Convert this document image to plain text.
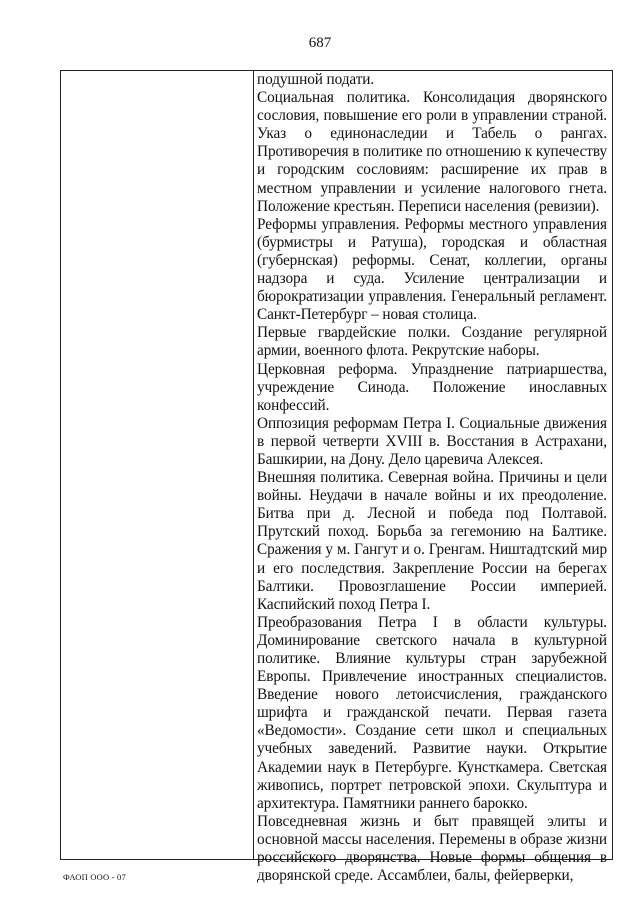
687

подушной подати.

Социальная политика. Консолидация дворянского сословия, повышение его роли в управлении страной. Указ о единонаследии и Табель о рангах. Противоречия в политике по отношению к купечеству и городским сословиям: расширение их прав в местном управлении и усиление налогового гнета. Положение крестьян. Переписи населения (ревизии).

Реформы управления. Реформы местного управления (бурмистры и Ратуша), городская и областная (губернская) реформы. Сенат, коллегии, органы надзора и суда. Усиление централизации и бюрократизации управления. Генеральный регламент. Санкт-Петербург – новая столица.

Первые гвардейские полки. Создание регулярной армии, военного флота. Рекрутские наборы.

Церковная реформа. Упразднение патриаршества, учреждение Синода. Положение инославных конфессий.

Оппозиция реформам Петра I. Социальные движения в первой четверти XVIII в. Восстания в Астрахани, Башкирии, на Дону. Дело царевича Алексея.

Внешняя политика. Северная война. Причины и цели войны. Неудачи в начале войны и их преодоление. Битва при д. Лесной и победа под Полтавой. Прутский поход. Борьба за гегемонию на Балтике. Сражения у м. Гангут и о. Гренгам. Ништадтский мир и его последствия. Закрепление России на берегах Балтики. Провозглашение России империей. Каспийский поход Петра I.

Преобразования Петра I в области культуры. Доминирование светского начала в культурной политике. Влияние культуры стран зарубежной Европы. Привлечение иностранных специалистов. Введение нового летоисчисления, гражданского шрифта и гражданской печати. Первая газета «Ведомости». Создание сети школ и специальных учебных заведений. Развитие науки. Открытие Академии наук в Петербурге. Кунсткамера. Светская живопись, портрет петровской эпохи. Скульптура и архитектура. Памятники раннего барокко.

Повседневная жизнь и быт правящей элиты и основной массы населения. Перемены в образе жизни российского дворянства. Новые формы общения в дворянской среде. Ассамблеи, балы, фейерверки,

ФАОП ООО - 07
